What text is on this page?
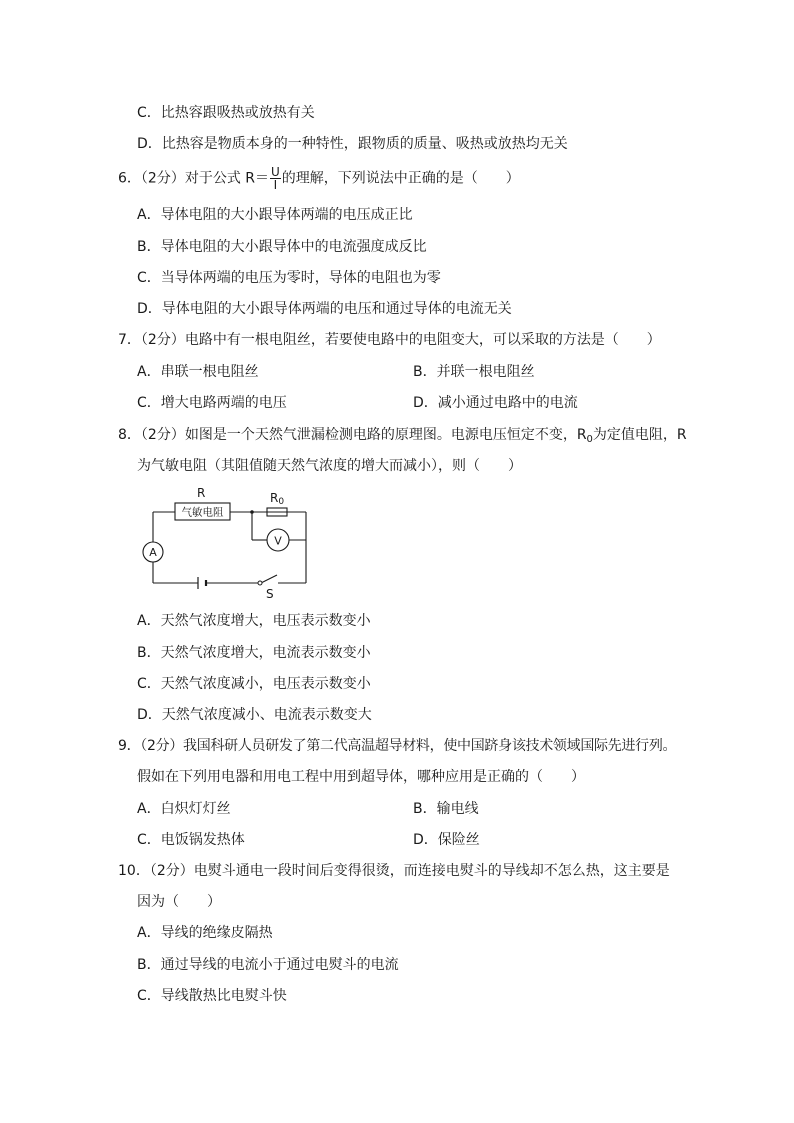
C．比热容跟吸热或放热有关
D．比热容是物质本身的一种特性，跟物质的质量、吸热或放热均无关
6．（2分）对于公式 $R= \frac{U}{I}$ 的理解，下列说法中正确的是（　　）
A．导体电阻的大小跟导体两端的电压成正比
B．导体电阻的大小跟导体中的电流强度成反比
C．当导体两端的电压为零时，导体的电阻也为零
D．导体电阻的大小跟导体两端的电压和通过导体的电流无关
7．（2分）电路中有一根电阻丝，若要使电路中的电阻变大，可以采取的方法是（　　）
A．串联一根电阻丝	B．并联一根电阻丝
C．增大电路两端的电压	D．减小通过电路中的电流
8．（2分）如图是一个天然气泄漏检测电路的原理图。电源电压恒定不变，$R_0$为定值电阻，R
为气敏电阻（其阻值随天然气浓度的增大而减小），则（　　）
R
气敏电阻
R0
V
A
S
A．天然气浓度增大，电压表示数变小
B．天然气浓度增大，电流表示数变小
C．天然气浓度减小，电压表示数变小
D．天然气浓度减小、电流表示数变大
9．（2分）我国科研人员研发了第二代高温超导材料，使中国跻身该技术领域国际先进行列。
假如在下列用电器和用电工程中用到超导体，哪种应用是正确的（　　）
A．白炽灯灯丝	B．输电线
C．电饭锅发热体	D．保险丝
10．（2分）电熨斗通电一段时间后变得很烫，而连接电熨斗的导线却不怎么热，这主要是
因为（　　）
A．导线的绝缘皮隔热
B．通过导线的电流小于通过电熨斗的电流
C．导线散热比电熨斗快
